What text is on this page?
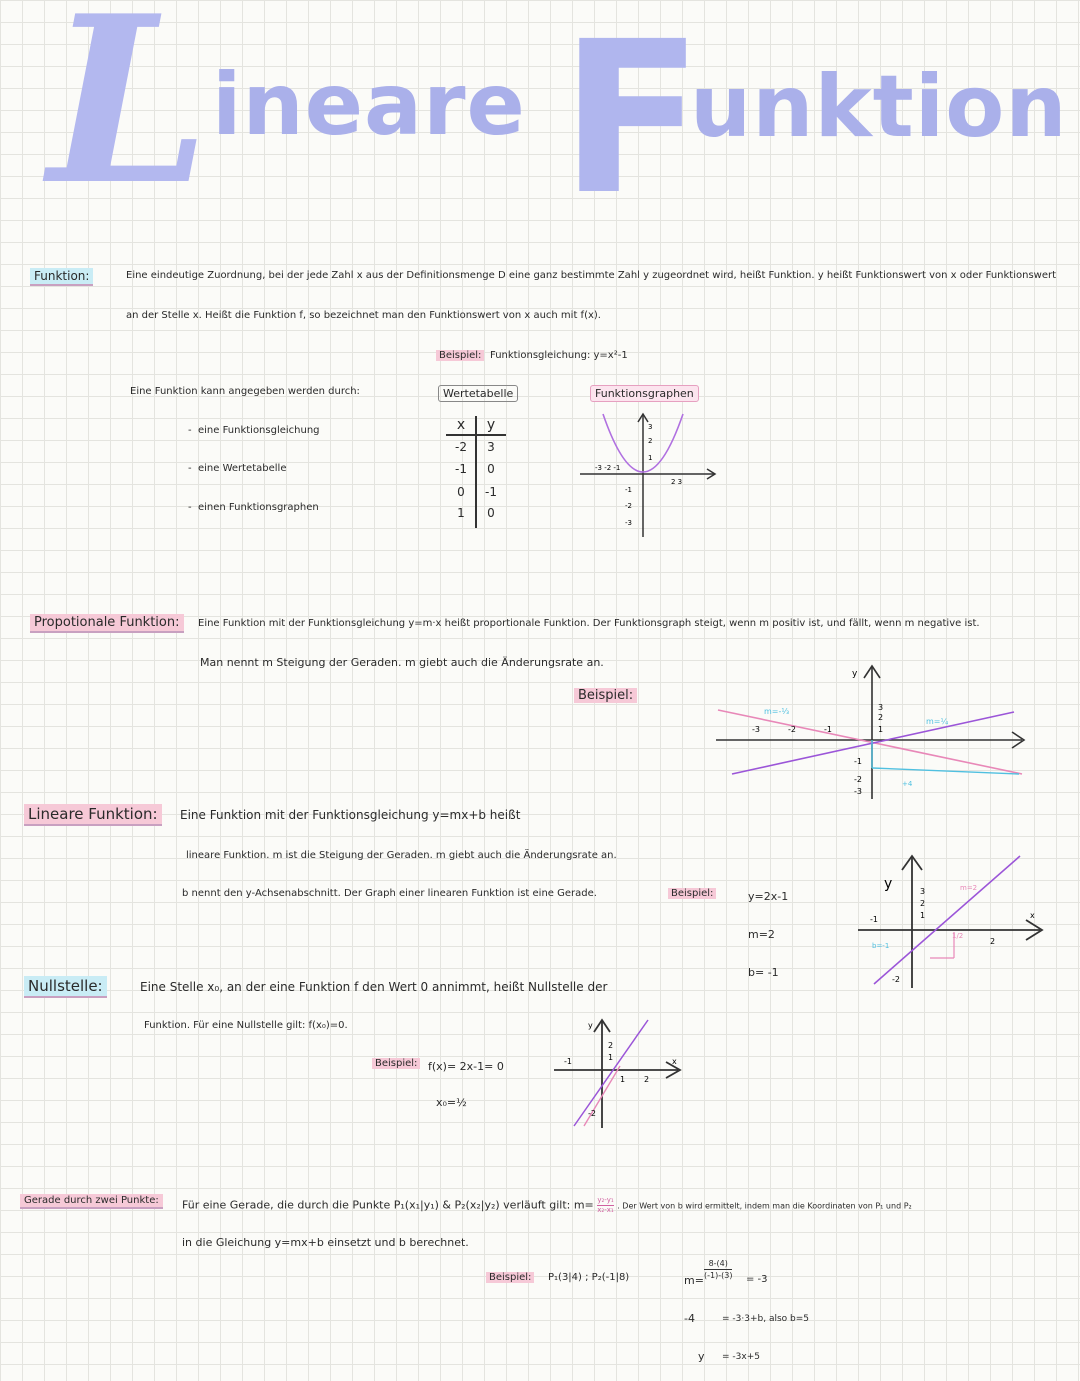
L ineare F
unktion
Funktion:	Eine eindeutige Zuordnung, bei der jede Zahl x aus der Definitionsmenge D eine ganz bestimmte Zahl y zugeordnet wird, heißt Funktion. y heißt Funktionswert von x oder Funktionswert
an der Stelle x. Heißt die Funktion f, so bezeichnet man den Funktionswert von x auch mit f(x).
Beispiel: Funktionsgleichung: y=x²-1
Eine Funktion kann angegeben werden durch:
-  eine Funktionsgleichung
-  eine Wertetabelle
-  einen Funktionsgraphen
Wertetabelle	Funktionsgraphen
x	y
-2	3
-1	0
0	-1
1	0
3
2
1
-1
-2
-3
-3 -2 -1
2 3
Propotionale Funktion:	Eine Funktion mit der Funktionsgleichung y=m·x heißt proportionale Funktion. Der Funktionsgraph steigt, wenn m positiv ist, und fällt, wenn m negative ist.
Man nennt m Steigung der Geraden. m giebt auch die Änderungsrate an.
Beispiel:
y
3
2
1
-1
-2
-3
-3	-2	-1
+4
m=-⅓
m=¼
Lineare Funktion:	Eine Funktion mit der Funktionsgleichung y=mx+b heißt
lineare Funktion. m ist die Steigung der Geraden. m giebt auch die Änderungsrate an.
b nennt den y-Achsenabschnitt. Der Graph einer linearen Funktion ist eine Gerade.	Beispiel:	y=2x-1
m=2
b= -1
y
x
3
2
1
-1
2
-2
1/2
m=2
b=-1
Nullstelle:	Eine Stelle x₀, an der eine Funktion f den Wert 0 annimmt, heißt Nullstelle der
Funktion. Für eine Nullstelle gilt: f(x₀)=0.
Beispiel: f(x)= 2x-1= 0
x₀=½
y
x
2
1
-1
1 2
-2
Gerade durch zwei Punkte:	Für eine Gerade, die durch die Punkte P₁(x₁|y₁) & P₂(x₂|y₂) verläuft gilt: $m= \frac{\text{y₂-y₁}}{\text{x₂-x₁}}$ . Der Wert von b wird ermittelt, indem man die Koordinaten von P₁ und P₂
in die Gleichung y=mx+b einsetzt und b berechnet.
Beispiel:	P₁(3|4) ; P₂(-1|8)	m=
8-(4)
(-1)-(3) = -3
-4	= -3·3+b, also b=5
y = -3x+5
